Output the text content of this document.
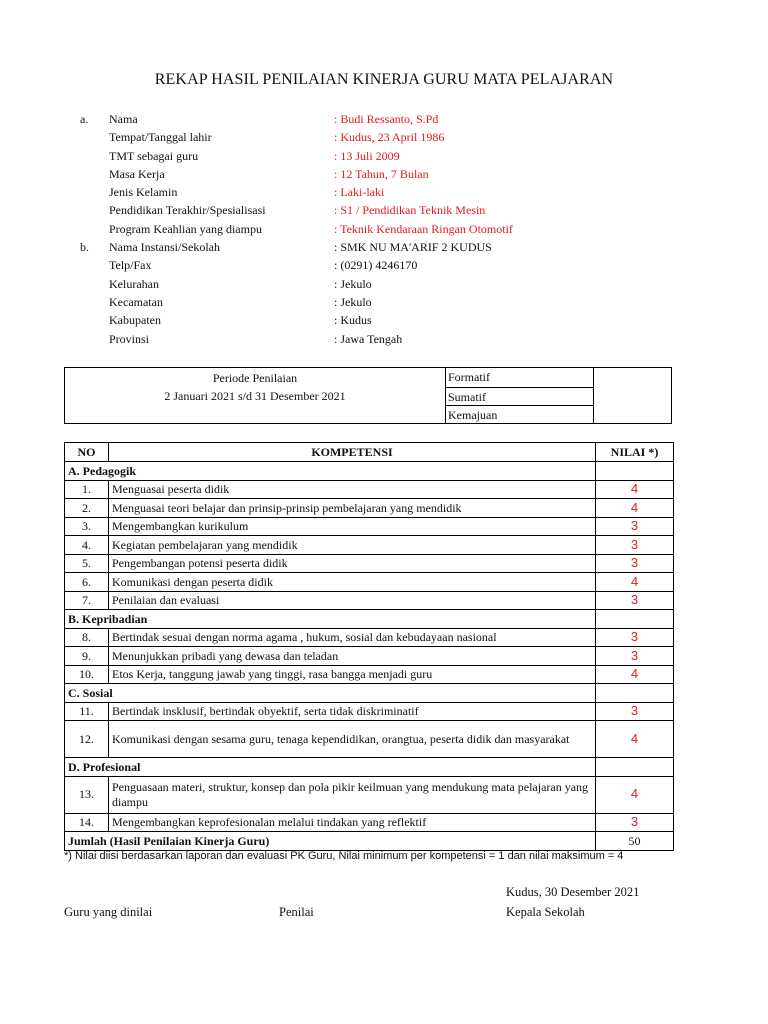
REKAP HASIL PENILAIAN KINERJA GURU MATA PELAJARAN
a.	Nama	: Budi Ressanto, S.Pd
Tempat/Tanggal lahir	: Kudus, 23 April 1986
TMT sebagai guru	: 13 Juli 2009
Masa Kerja	: 12 Tahun, 7 Bulan
Jenis Kelamin	: Laki-laki
Pendidikan Terakhir/Spesialisasi	: S1 / Pendidikan Teknik Mesin
Program Keahlian yang diampu	: Teknik Kendaraan Ringan Otomotif
b.	Nama Instansi/Sekolah	: SMK NU MA'ARIF 2 KUDUS
Telp/Fax	: (0291) 4246170
Kelurahan	: Jekulo
Kecamatan	: Jekulo
Kabupaten	: Kudus
Provinsi	: Jawa Tengah
Periode Penilaian
2 Januari 2021 s/d 31 Desember 2021
Formatif
Sumatif
Kemajuan
NO	KOMPETENSI	NILAI *)
A. Pedagogik		
1.	Menguasai peserta didik	4
2.	Menguasai teori belajar dan prinsip-prinsip pembelajaran yang mendidik	4
3.	Mengembangkan kurikulum	3
4.	Kegiatan pembelajaran yang mendidik	3
5.	Pengembangan potensi peserta didik	3
6.	Komunikasi dengan peserta didik	4
7.	Penilaian dan evaluasi	3
B. Kepribadian		
8.	Bertindak sesuai dengan norma agama , hukum, sosial dan kebudayaan nasional	3
9.	Menunjukkan pribadi yang dewasa dan teladan	3
10.	Etos Kerja, tanggung jawab yang tinggi, rasa bangga menjadi guru	4
C. Sosial		
11.	Bertindak insklusif, bertindak obyektif, serta tidak diskriminatif	3
12.	Komunikasi dengan sesama guru, tenaga kependidikan, orangtua, peserta didik dan masyarakat	4
D. Profesional		
13.	Penguasaan materi, struktur, konsep dan pola pikir keilmuan yang mendukung mata pelajaran yang diampu	4
14.	Mengembangkan keprofesionalan melalui tindakan yang reflektif	3
Jumlah (Hasil Penilaian Kinerja Guru)		50
*) Nilai diisi berdasarkan laporan dan evaluasi PK Guru, Nilai minimum per kompetensi = 1 dan nilai maksimum = 4
Kudus, 30 Desember 2021
Guru yang dinilai	Penilai	Kepala Sekolah
